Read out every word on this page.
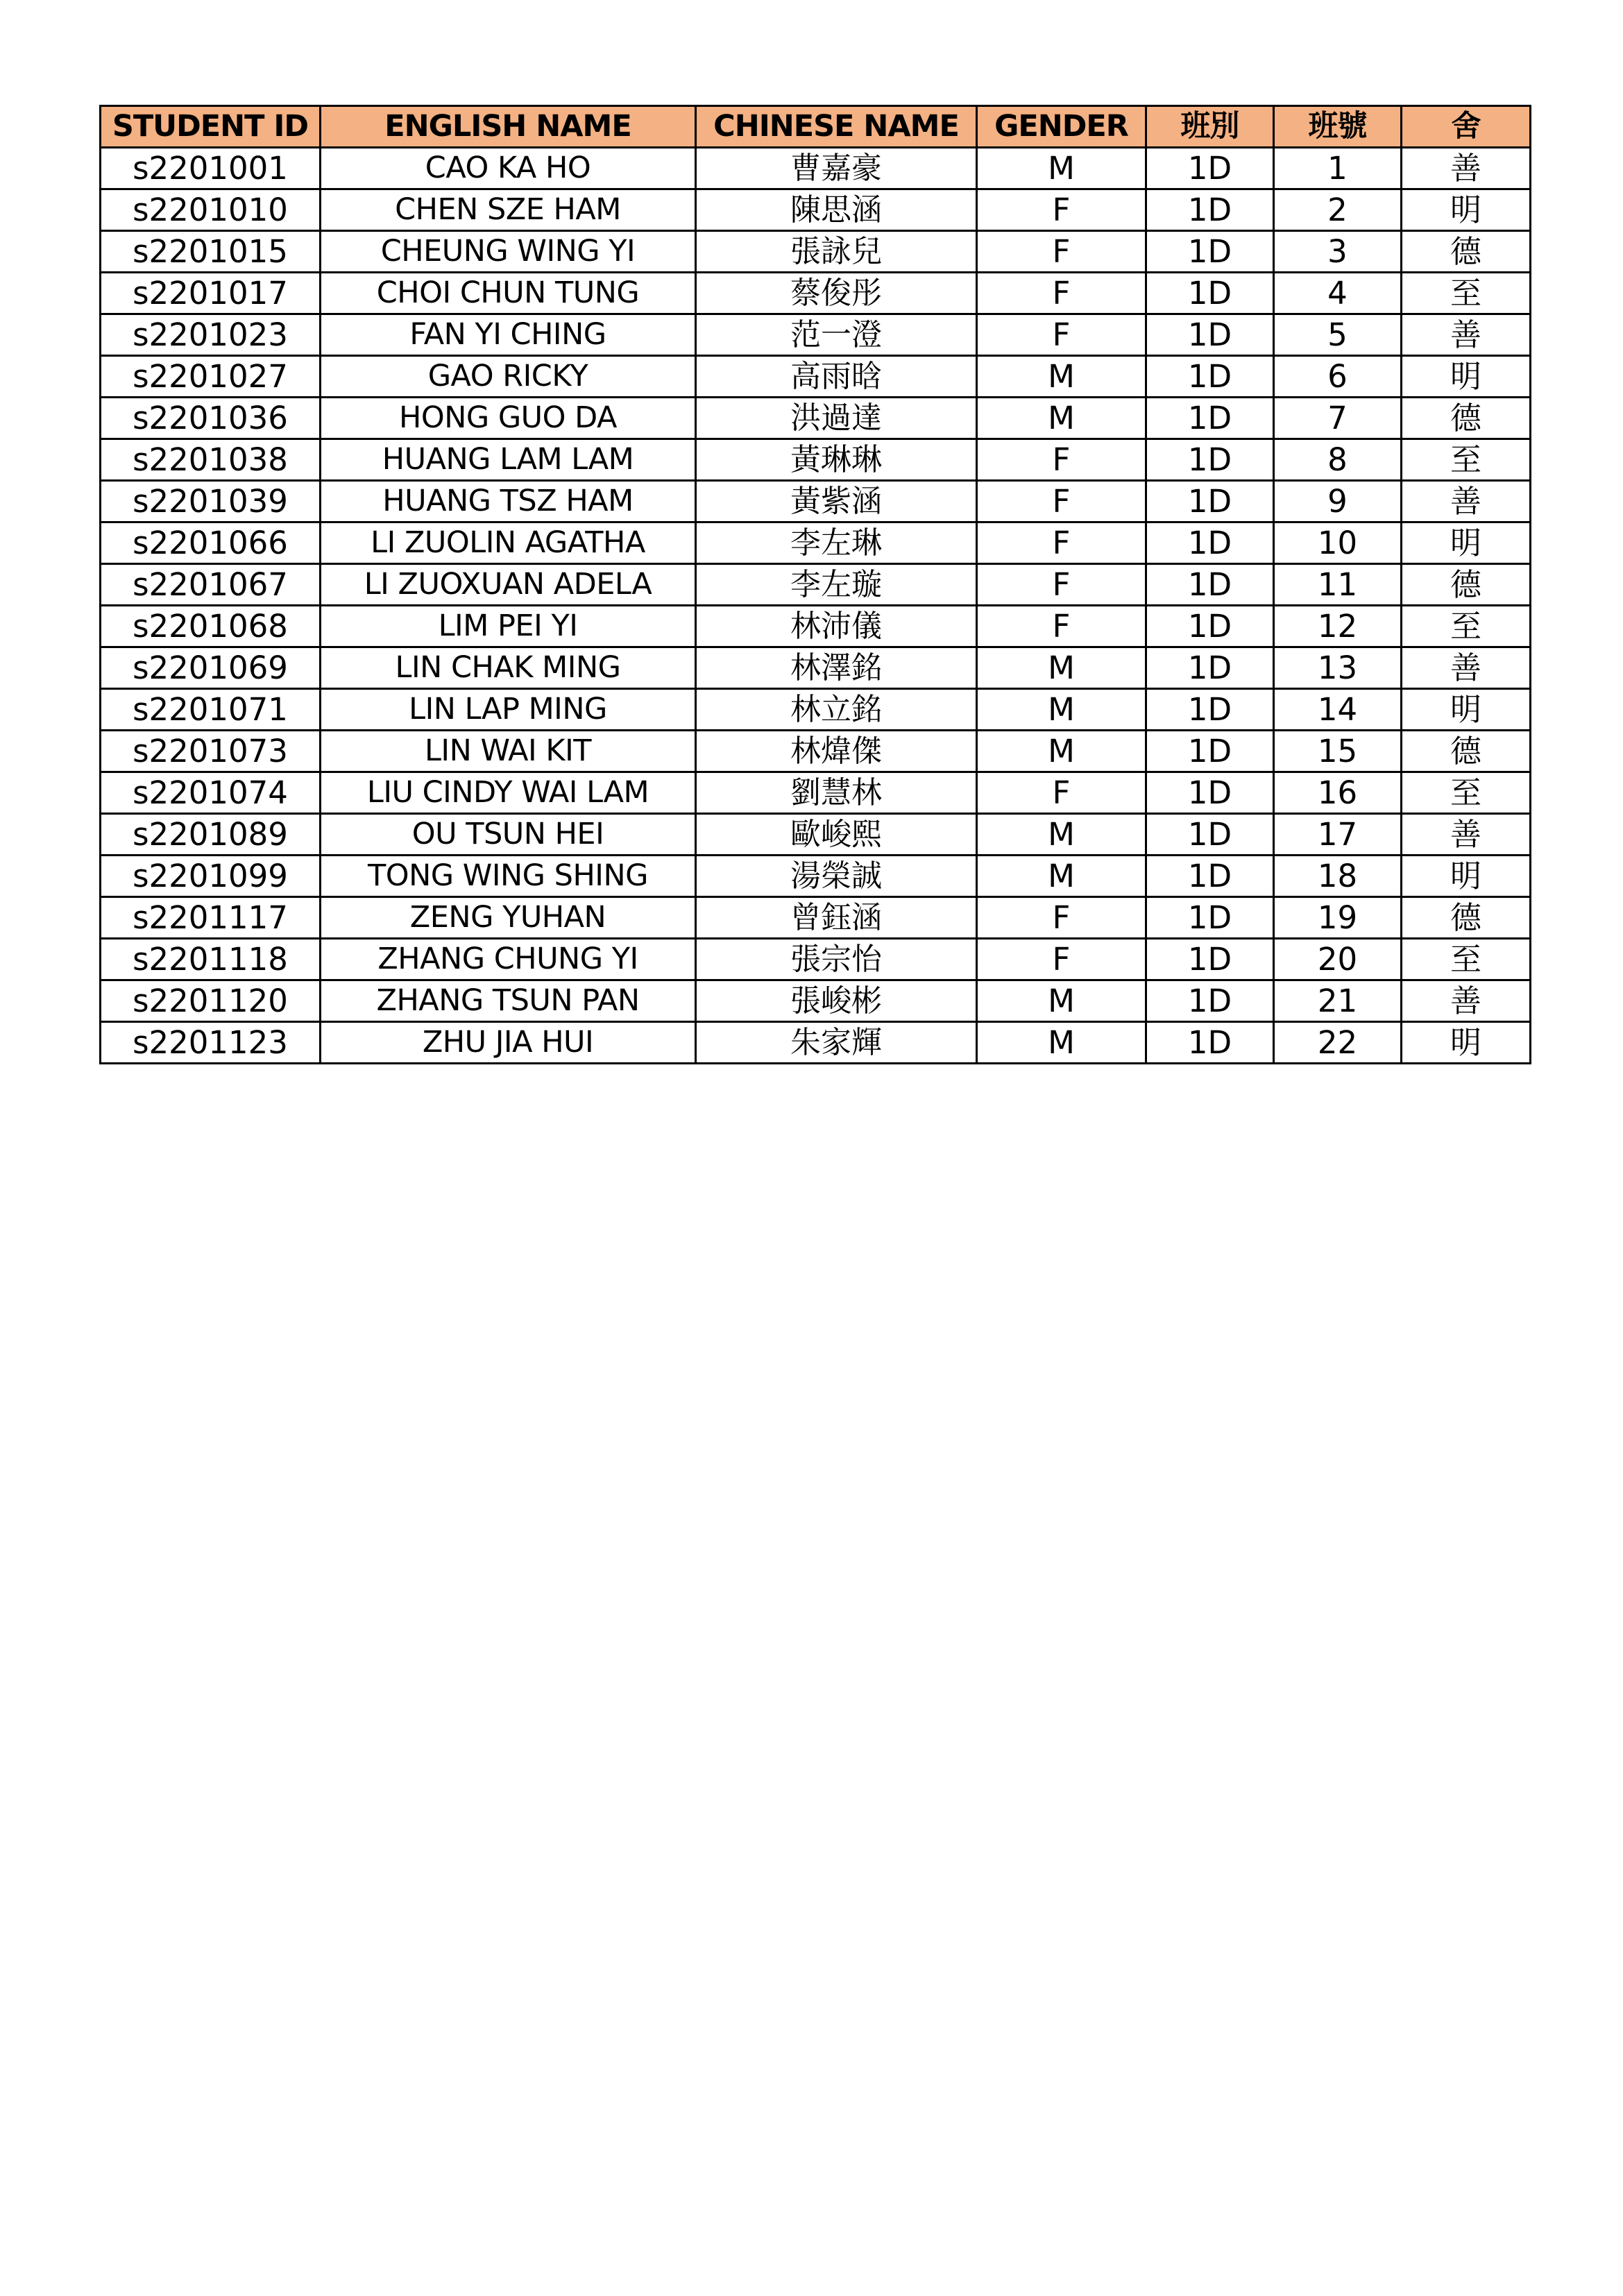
STUDENT ID	ENGLISH NAME	CHINESE NAME	GENDER	班別	班號	舍
s2201001	CAO KA HO	曹嘉豪	M	1D	1	善
s2201010	CHEN SZE HAM	陳思涵	F	1D	2	明
s2201015	CHEUNG WING YI	張詠兒	F	1D	3	德
s2201017	CHOI CHUN TUNG	蔡俊彤	F	1D	4	至
s2201023	FAN YI CHING	范一澄	F	1D	5	善
s2201027	GAO RICKY	高雨晗	M	1D	6	明
s2201036	HONG GUO DA	洪過達	M	1D	7	德
s2201038	HUANG LAM LAM	黃琳琳	F	1D	8	至
s2201039	HUANG TSZ HAM	黃紫涵	F	1D	9	善
s2201066	LI ZUOLIN AGATHA	李左琳	F	1D	10	明
s2201067	LI ZUOXUAN ADELA	李左璇	F	1D	11	德
s2201068	LIM PEI YI	林沛儀	F	1D	12	至
s2201069	LIN CHAK MING	林澤銘	M	1D	13	善
s2201071	LIN LAP MING	林立銘	M	1D	14	明
s2201073	LIN WAI KIT	林煒傑	M	1D	15	德
s2201074	LIU CINDY WAI LAM	劉慧林	F	1D	16	至
s2201089	OU TSUN HEI	歐峻熙	M	1D	17	善
s2201099	TONG WING SHING	湯榮誠	M	1D	18	明
s2201117	ZENG YUHAN	曾鈺涵	F	1D	19	德
s2201118	ZHANG CHUNG YI	張宗怡	F	1D	20	至
s2201120	ZHANG TSUN PAN	張峻彬	M	1D	21	善
s2201123	ZHU JIA HUI	朱家輝	M	1D	22	明
